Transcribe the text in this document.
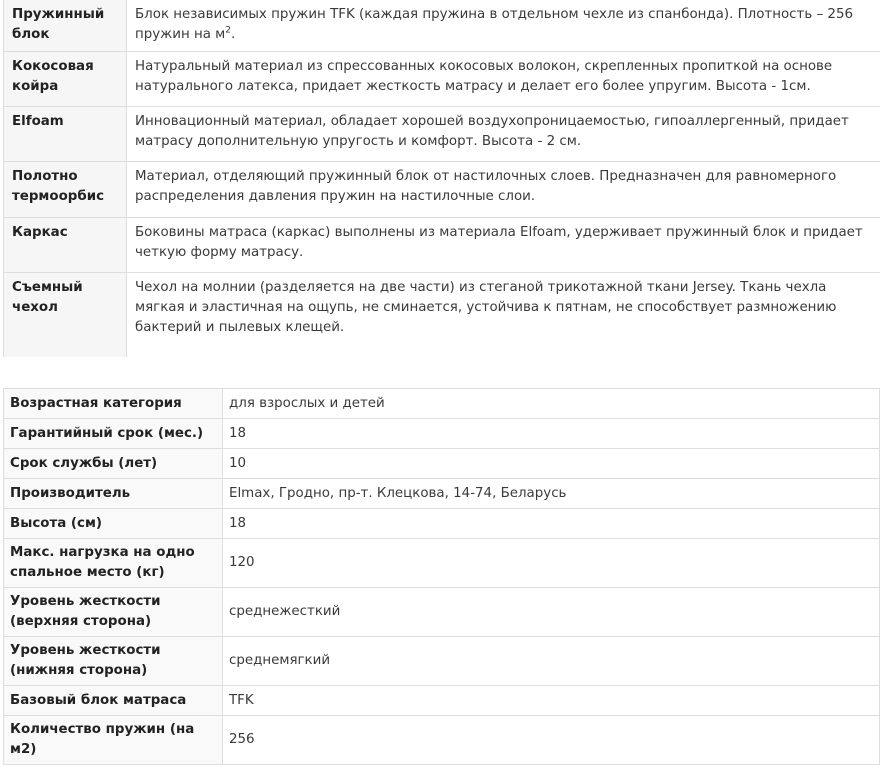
Пружинный блок	Блок независимых пружин TFK (каждая пружина в отдельном чехле из спанбонда). Плотность – 256 пружин на $м^2$.
Кокосовая койра	Натуральный материал из спрессованных кокосовых волокон, скрепленных пропиткой на основе натурального латекса, придает жесткость матрасу и делает его более упругим. Высота - 1см.
Elfoam	Инновационный материал, обладает хорошей воздухопроницаемостью, гипоаллергенный, придает матрасу дополнительную упругость и комфорт. Высота - 2 см.
Полотно термоорбис	Материал, отделяющий пружинный блок от настилочных слоев. Предназначен для равномерного распределения давления пружин на настилочные слои.
Каркас	Боковины матраса (каркас) выполнены из материала Elfoam, удерживает пружинный блок и придает четкую форму матрасу.
Съемный чехол	Чехол на молнии (разделяется на две части) из стеганой трикотажной ткани Jersey. Ткань чехла мягкая и эластичная на ощупь, не сминается, устойчива к пятнам, не способствует размножению бактерий и пылевых клещей.
Возрастная категория	для взрослых и детей
Гарантийный срок (мес.)	18
Срок службы (лет)	10
Производитель	Elmax, Гродно, пр-т. Клецкова, 14-74, Беларусь
Высота (см)	18
Макс. нагрузка на одно спальное место (кг)	120
Уровень жесткости (верхняя сторона)	среднежесткий
Уровень жесткости (нижняя сторона)	среднемягкий
Базовый блок матраса	TFK
Количество пружин (на м2)	256
